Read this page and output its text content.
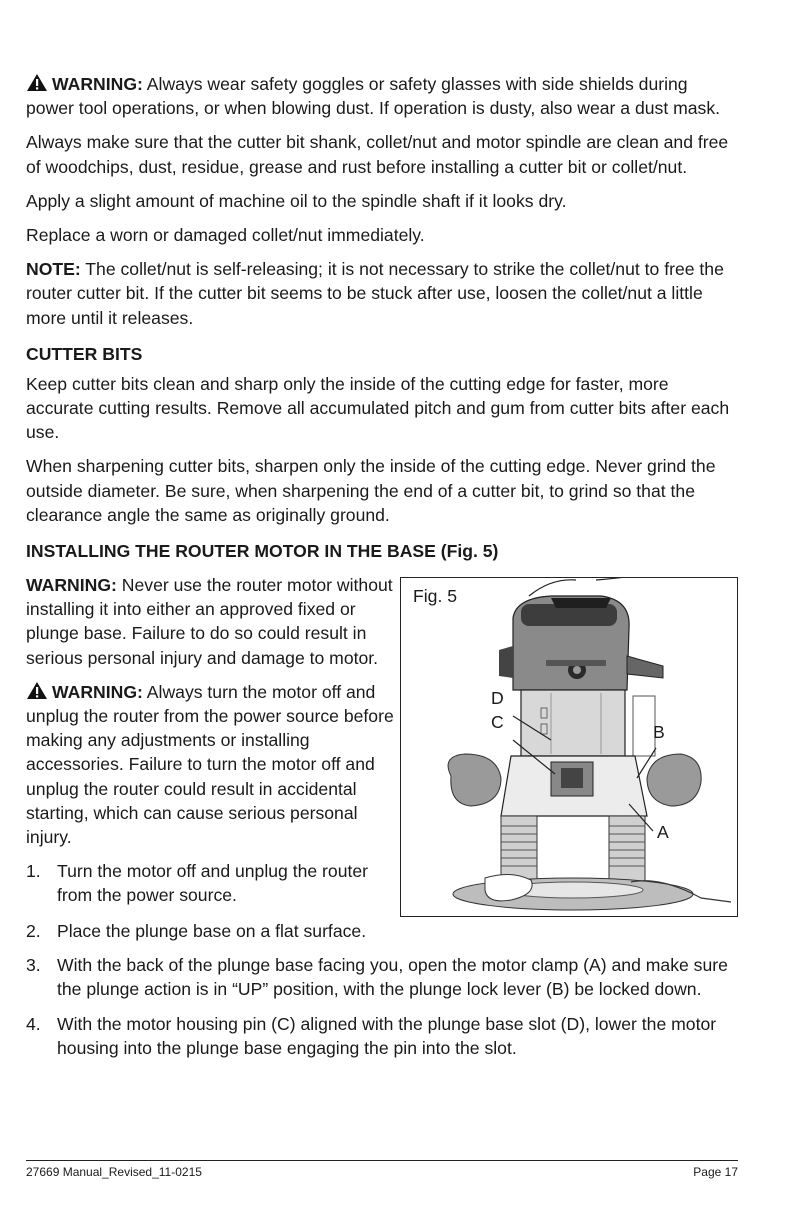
WARNING: Always wear safety goggles or safety glasses with side shields during power tool operations, or when blowing dust. If operation is dusty, also wear a dust mask.

Always make sure that the cutter bit shank, collet/nut and motor spindle are clean and free of woodchips, dust, residue, grease and rust before installing a cutter bit or collet/nut.

Apply a slight amount of machine oil to the spindle shaft if it looks dry.

Replace a worn or damaged collet/nut immediately.

NOTE: The collet/nut is self-releasing; it is not necessary to strike the collet/nut to free the router cutter bit. If the cutter bit seems to be stuck after use, loosen the collet/nut a little more until it releases.

CUTTER BITS

Keep cutter bits clean and sharp only the inside of the cutting edge for faster, more accurate cutting results. Remove all accumulated pitch and gum from cutter bits after each use.

When sharpening cutter bits, sharpen only the inside of the cutting edge. Never grind the outside diameter. Be sure, when sharpening the end of a cutter bit, to grind so that the clearance angle the same as originally ground.

INSTALLING THE ROUTER MOTOR IN THE BASE (Fig. 5)

WARNING: Never use the router motor without installing it into either an approved fixed or plunge base. Failure to do so could result in serious personal injury and damage to motor.

WARNING: Always turn the motor off and unplug the router from the power source before making any adjustments or installing accessories. Failure to turn the motor off and unplug the router could result in accidental starting, which can cause serious personal injury.

1. Turn the motor off and unplug the router from the power source.
Fig. 5
D
C	B
A
2. Place the plunge base on a flat surface.
3. With the back of the plunge base facing you, open the motor clamp (A) and make sure the plunge action is in “UP” position, with the plunge lock lever (B) be locked down.
4. With the motor housing pin (C) aligned with the plunge base slot (D), lower the motor housing into the plunge base engaging the pin into the slot.
27669 Manual_Revised_11-0215	Page 17
